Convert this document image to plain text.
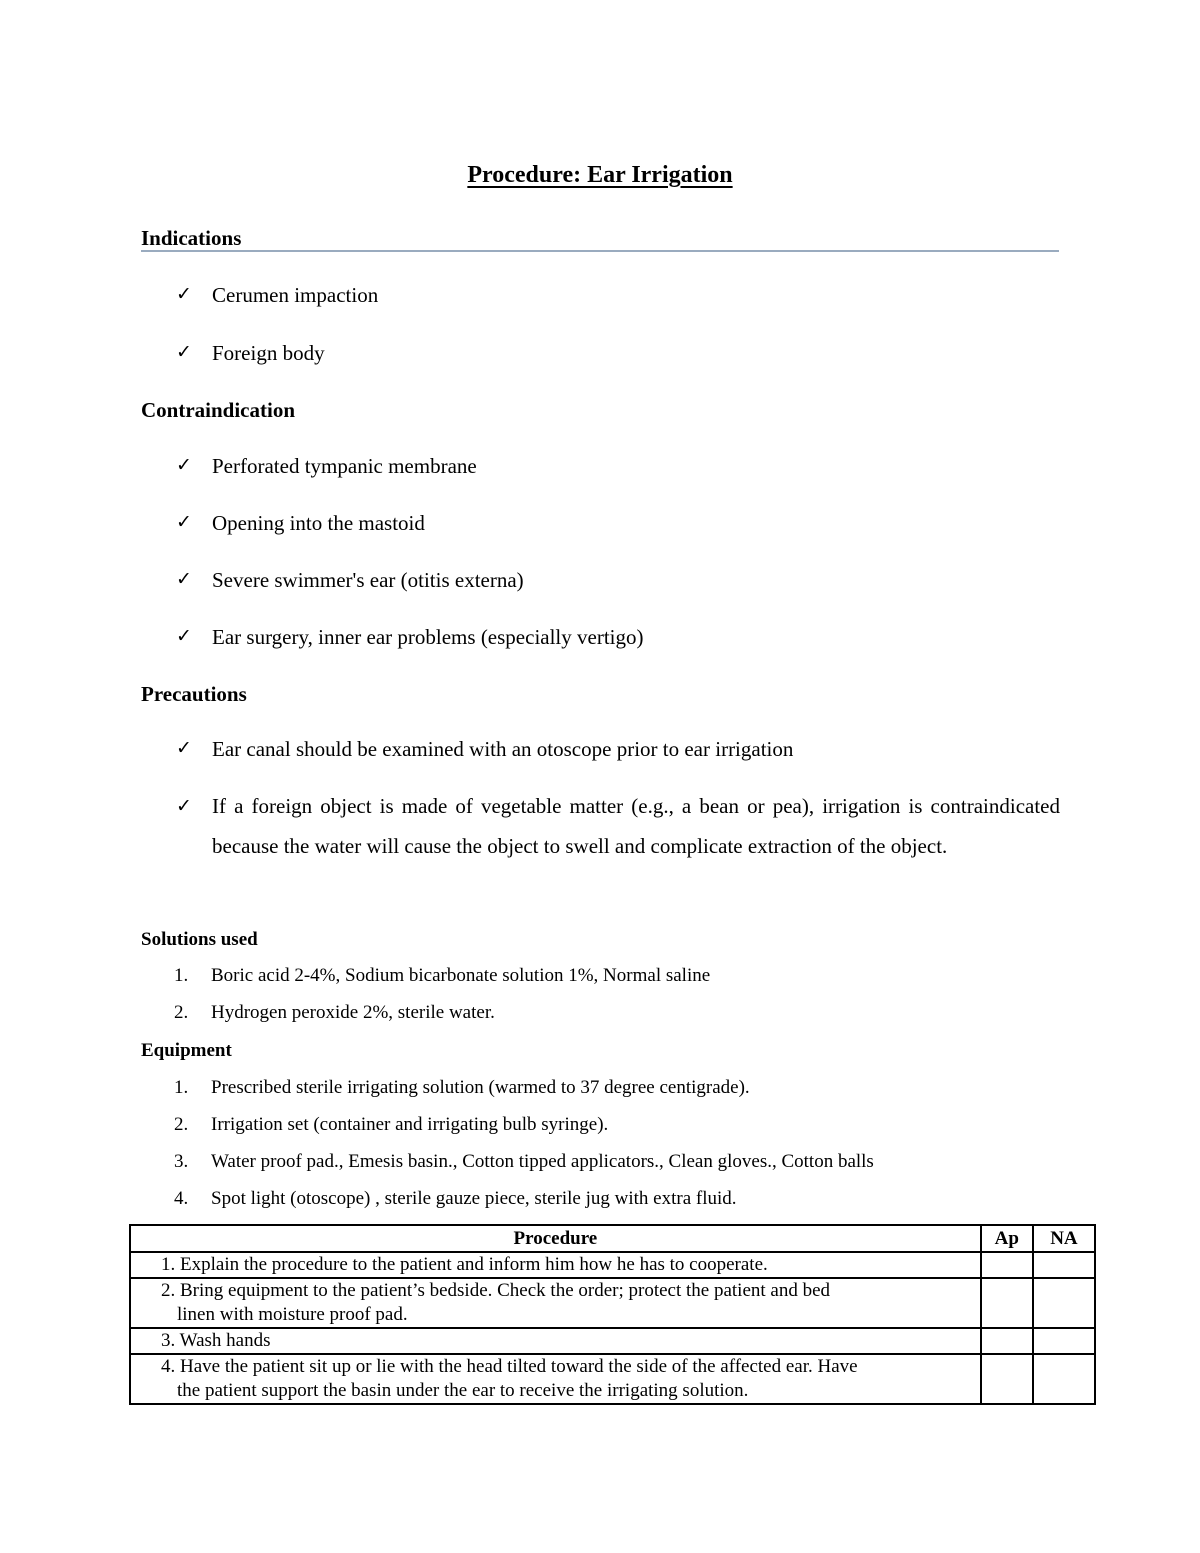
Procedure: Ear Irrigation
Indications
✓ Cerumen impaction
✓ Foreign body
Contraindication
✓ Perforated tympanic membrane
✓ Opening into the mastoid
✓ Severe swimmer's ear (otitis externa)
✓ Ear surgery, inner ear problems (especially vertigo)
Precautions
✓ Ear canal should be examined with an otoscope prior to ear irrigation
✓ If a foreign object is made of vegetable matter (e.g., a bean or pea), irrigation is contraindicated because the water will cause the object to swell and complicate extraction of the object.
Solutions used
1. Boric acid 2-4%, Sodium bicarbonate solution 1%, Normal saline
2. Hydrogen peroxide 2%, sterile water.
Equipment
1. Prescribed sterile irrigating solution (warmed to 37 degree centigrade).
2. Irrigation set (container and irrigating bulb syringe).
3. Water proof pad., Emesis basin., Cotton tipped applicators., Clean gloves., Cotton balls
4. Spot light (otoscope) , sterile gauze piece, sterile jug with extra fluid.
Procedure	Ap	NA
1. Explain the procedure to the patient and inform him how he has to cooperate.		
2. Bring equipment to the patient’s bedside. Check the order; protect the patient and bed
linen with moisture proof pad.		

3. Wash hands		
4. Have the patient sit up or lie with the head tilted toward the side of the affected ear. Have
the patient support the basin under the ear to receive the irrigating solution.		
